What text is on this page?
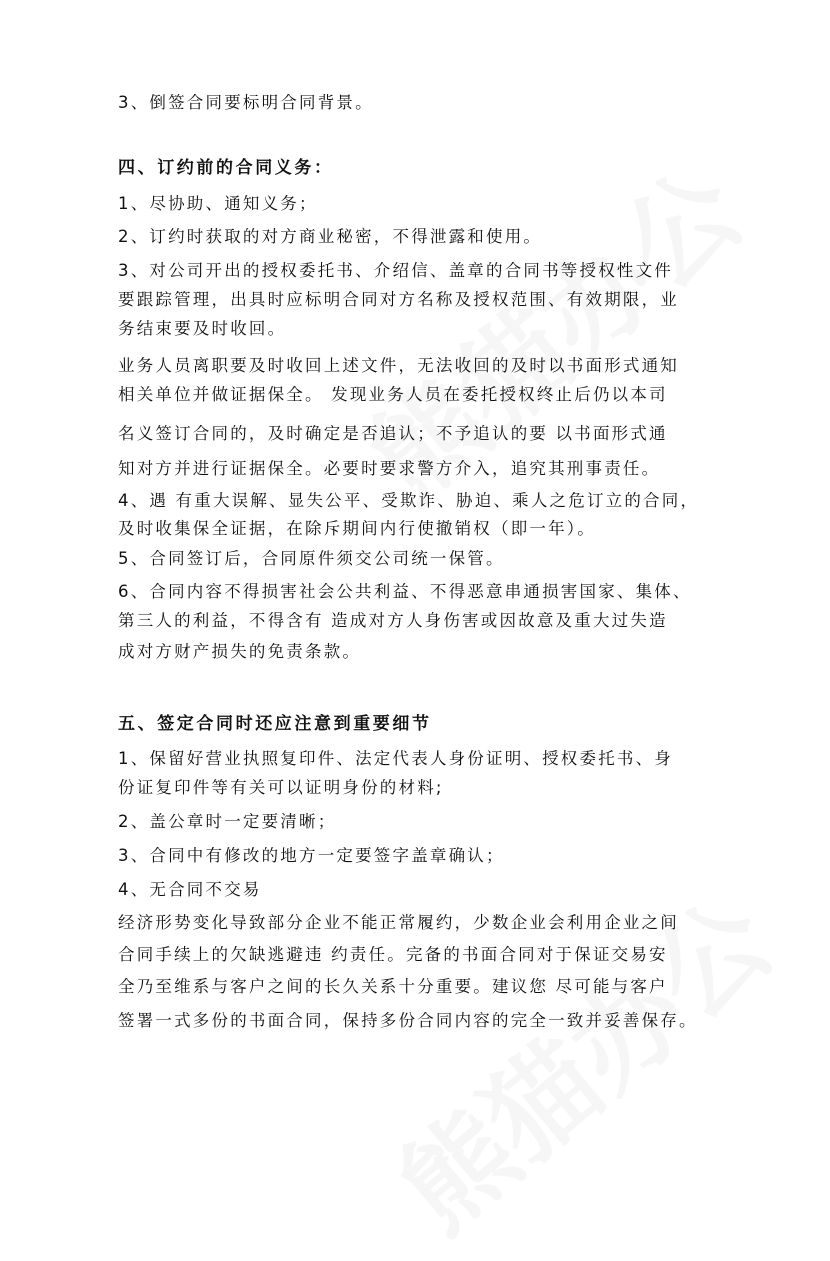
3、倒签合同要标明合同背景。
四、订约前的合同义务：
1、尽协助、通知义务；
2、订约时获取的对方商业秘密，不得泄露和使用。
3、对公司开出的授权委托书、介绍信、盖章的合同书等授权性文件
要跟踪管理，出具时应标明合同对方名称及授权范围、有效期限，业
务结束要及时收回。
业务人员离职要及时收回上述文件，无法收回的及时以书面形式通知
相关单位并做证据保全。 发现业务人员在委托授权终止后仍以本司
名义签订合同的，及时确定是否追认；不予追认的要 以书面形式通
知对方并进行证据保全。必要时要求警方介入，追究其刑事责任。
4、遇 有重大误解、显失公平、受欺诈、胁迫、乘人之危订立的合同，
及时收集保全证据，在除斥期间内行使撤销权（即一年）。
5、合同签订后，合同原件须交公司统一保管。
6、合同内容不得损害社会公共利益、不得恶意串通损害国家、集体、
第三人的利益，不得含有 造成对方人身伤害或因故意及重大过失造
成对方财产损失的免责条款。
五、签定合同时还应注意到重要细节
1、保留好营业执照复印件、法定代表人身份证明、授权委托书、身
份证复印件等有关可以证明身份的材料;
2、盖公章时一定要清晰；
3、合同中有修改的地方一定要签字盖章确认；
4、无合同不交易
经济形势变化导致部分企业不能正常履约，少数企业会利用企业之间
合同手续上的欠缺逃避违 约责任。完备的书面合同对于保证交易安
全乃至维系与客户之间的长久关系十分重要。建议您 尽可能与客户
签署一式多份的书面合同，保持多份合同内容的完全一致并妥善保存。
